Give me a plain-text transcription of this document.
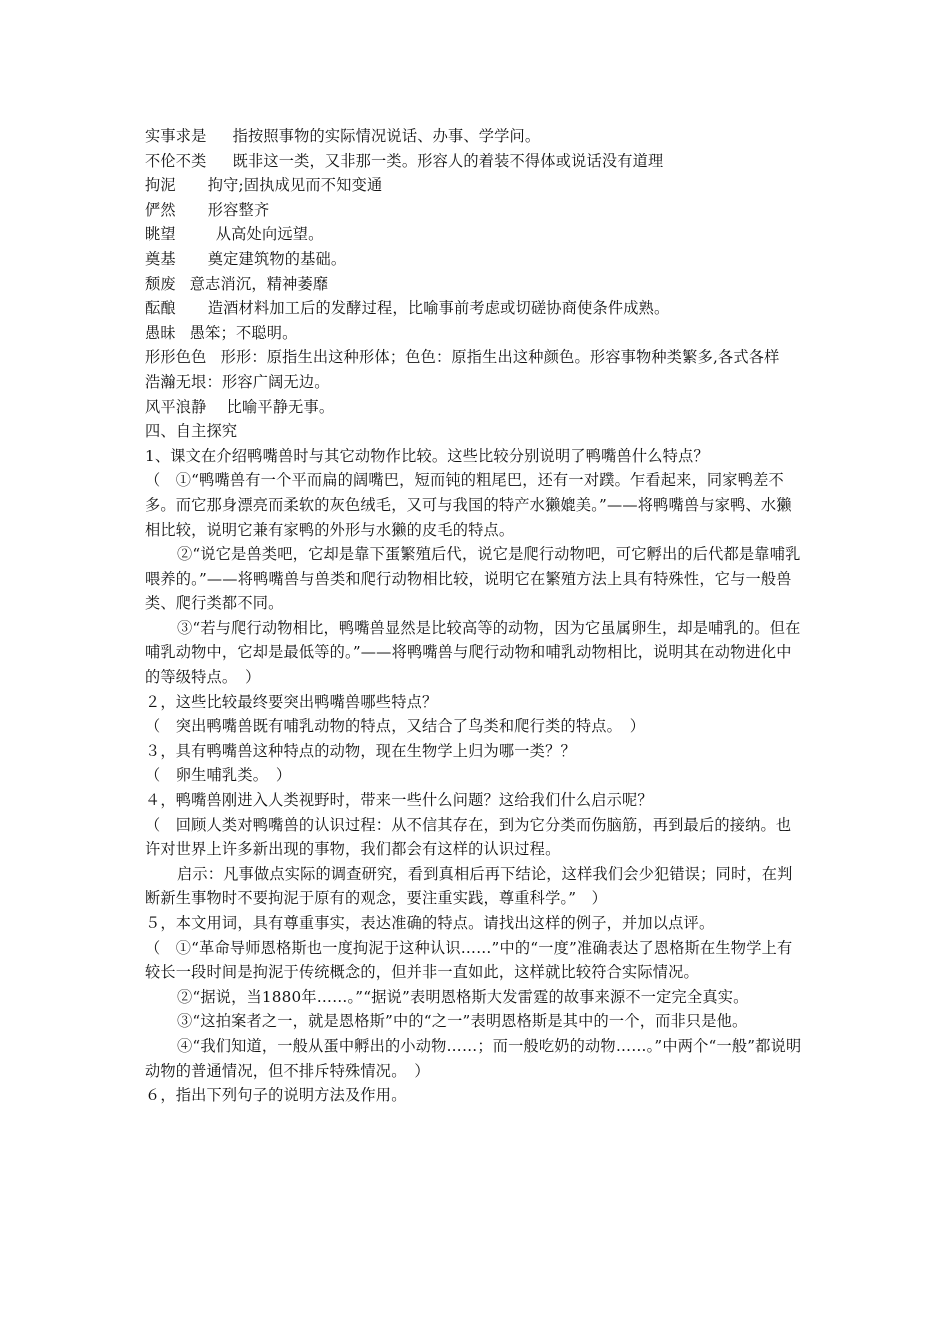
实事求是 指按照事物的实际情况说话、办事、学学问。
不伦不类 既非这一类，又非那一类。形容人的着装不得体或说话没有道理
拘泥 拘守;固执成见而不知变通
俨然 形容整齐
眺望	从高处向远望。
奠基 奠定建筑物的基础。
颓废 意志消沉，精神萎靡
酝酿 造酒材料加工后的发酵过程，比喻事前考虑或切磋协商使条件成熟。
愚昧 愚笨；不聪明。
形形色色 形形：原指生出这种形体；色色：原指生出这种颜色。形容事物种类繁多,各式各样
浩瀚无垠：形容广阔无边。
风平浪静 比喻平静无事。
四、自主探究
1、课文在介绍鸭嘴兽时与其它动物作比较。这些比较分别说明了鸭嘴兽什么特点？
（　①“鸭嘴兽有一个平而扁的阔嘴巴，短而钝的粗尾巴，还有一对蹼。乍看起来，同家鸭差不多。而它那身漂亮而柔软的灰色绒毛，又可与我国的特产水獭媲美。”——将鸭嘴兽与家鸭、水獭相比较，说明它兼有家鸭的外形与水獭的皮毛的特点。
②“说它是兽类吧，它却是靠下蛋繁殖后代，说它是爬行动物吧，可它孵出的后代都是靠哺乳喂养的。”——将鸭嘴兽与兽类和爬行动物相比较，说明它在繁殖方法上具有特殊性，它与一般兽类、爬行类都不同。
③“若与爬行动物相比，鸭嘴兽显然是比较高等的动物，因为它虽属卵生，却是哺乳的。但在哺乳动物中，它却是最低等的。”——将鸭嘴兽与爬行动物和哺乳动物相比，说明其在动物进化中的等级特点。　）
２，这些比较最终要突出鸭嘴兽哪些特点？
（　突出鸭嘴兽既有哺乳动物的特点，又结合了鸟类和爬行类的特点。　）
３，具有鸭嘴兽这种特点的动物，现在生物学上归为哪一类？？
（　卵生哺乳类。　）
４，鸭嘴兽刚进入人类视野时，带来一些什么问题？这给我们什么启示呢？
（　回顾人类对鸭嘴兽的认识过程：从不信其存在，到为它分类而伤脑筋，再到最后的接纳。也许对世界上许多新出现的事物，我们都会有这样的认识过程。
启示：凡事做点实际的调查研究，看到真相后再下结论，这样我们会少犯错误；同时，在判断新生事物时不要拘泥于原有的观念，要注重实践，尊重科学。”　）
５，本文用词，具有尊重事实，表达准确的特点。请找出这样的例子，并加以点评。
（　①“革命导师恩格斯也一度拘泥于这种认识……”中的“一度”准确表达了恩格斯在生物学上有较长一段时间是拘泥于传统概念的，但并非一直如此，这样就比较符合实际情况。
②“据说，当1880年……。”“据说”表明恩格斯大发雷霆的故事来源不一定完全真实。
③“这拍案者之一，就是恩格斯”中的“之一”表明恩格斯是其中的一个，而非只是他。
④“我们知道，一般从蛋中孵出的小动物……；而一般吃奶的动物……。”中两个“一般”都说明动物的普通情况，但不排斥特殊情况。　）
６，指出下列句子的说明方法及作用。
